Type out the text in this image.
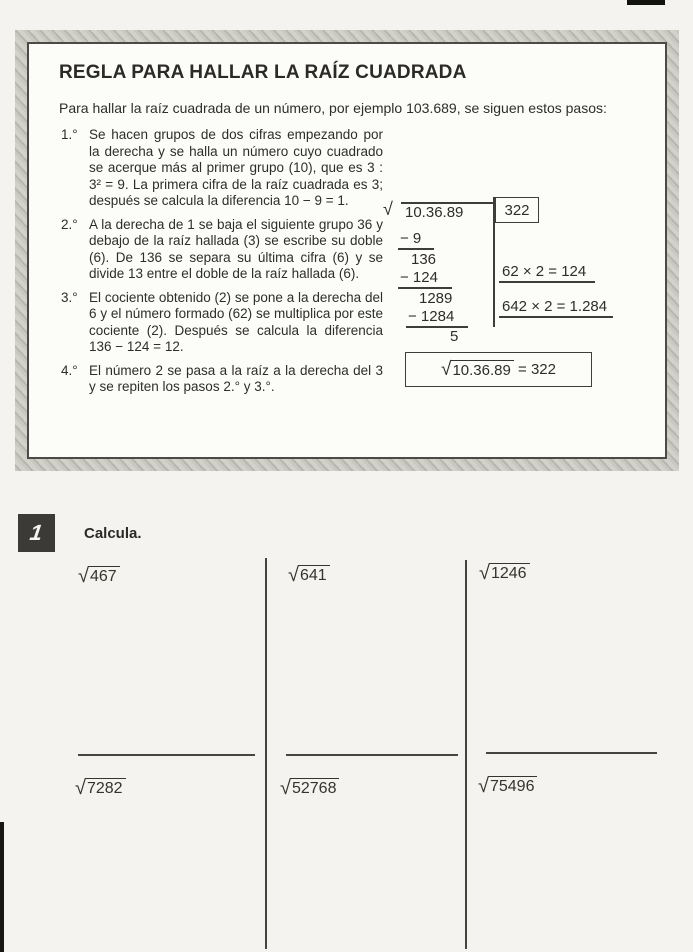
REGLA PARA HALLAR LA RAÍZ CUADRADA
Para hallar la raíz cuadrada de un número, por ejemplo 103.689, se siguen estos pasos:
1.° Se hacen grupos de dos cifras empezando por la derecha y se halla un número cuyo cuadrado se acerque más al primer grupo (10), que es 3 : 3² = 9. La primera cifra de la raíz cuadrada es 3; después se calcula la diferencia 10 − 9 = 1.
2.° A la derecha de 1 se baja el siguiente grupo 36 y debajo de la raíz hallada (3) se escribe su doble (6). De 136 se separa su última cifra (6) y se divide 13 entre el doble de la raíz hallada (6).
3.° El cociente obtenido (2) se pone a la derecha del 6 y el número formado (62) se multiplica por este cociente (2). Después se calcula la diferencia 136 − 124 = 12.
4.° El número 2 se pasa a la raíz a la derecha del 3 y se repiten los pasos 2.° y 3.°.
√ 10.36.89	322
− 9
136
− 124
1289
− 1284
5
62 × 2 = 124
642 × 2 = 1.284
√ 10.36.89
= 322
1	Calcula.
√467	√641	√1246
√7282	√52768	√75496
